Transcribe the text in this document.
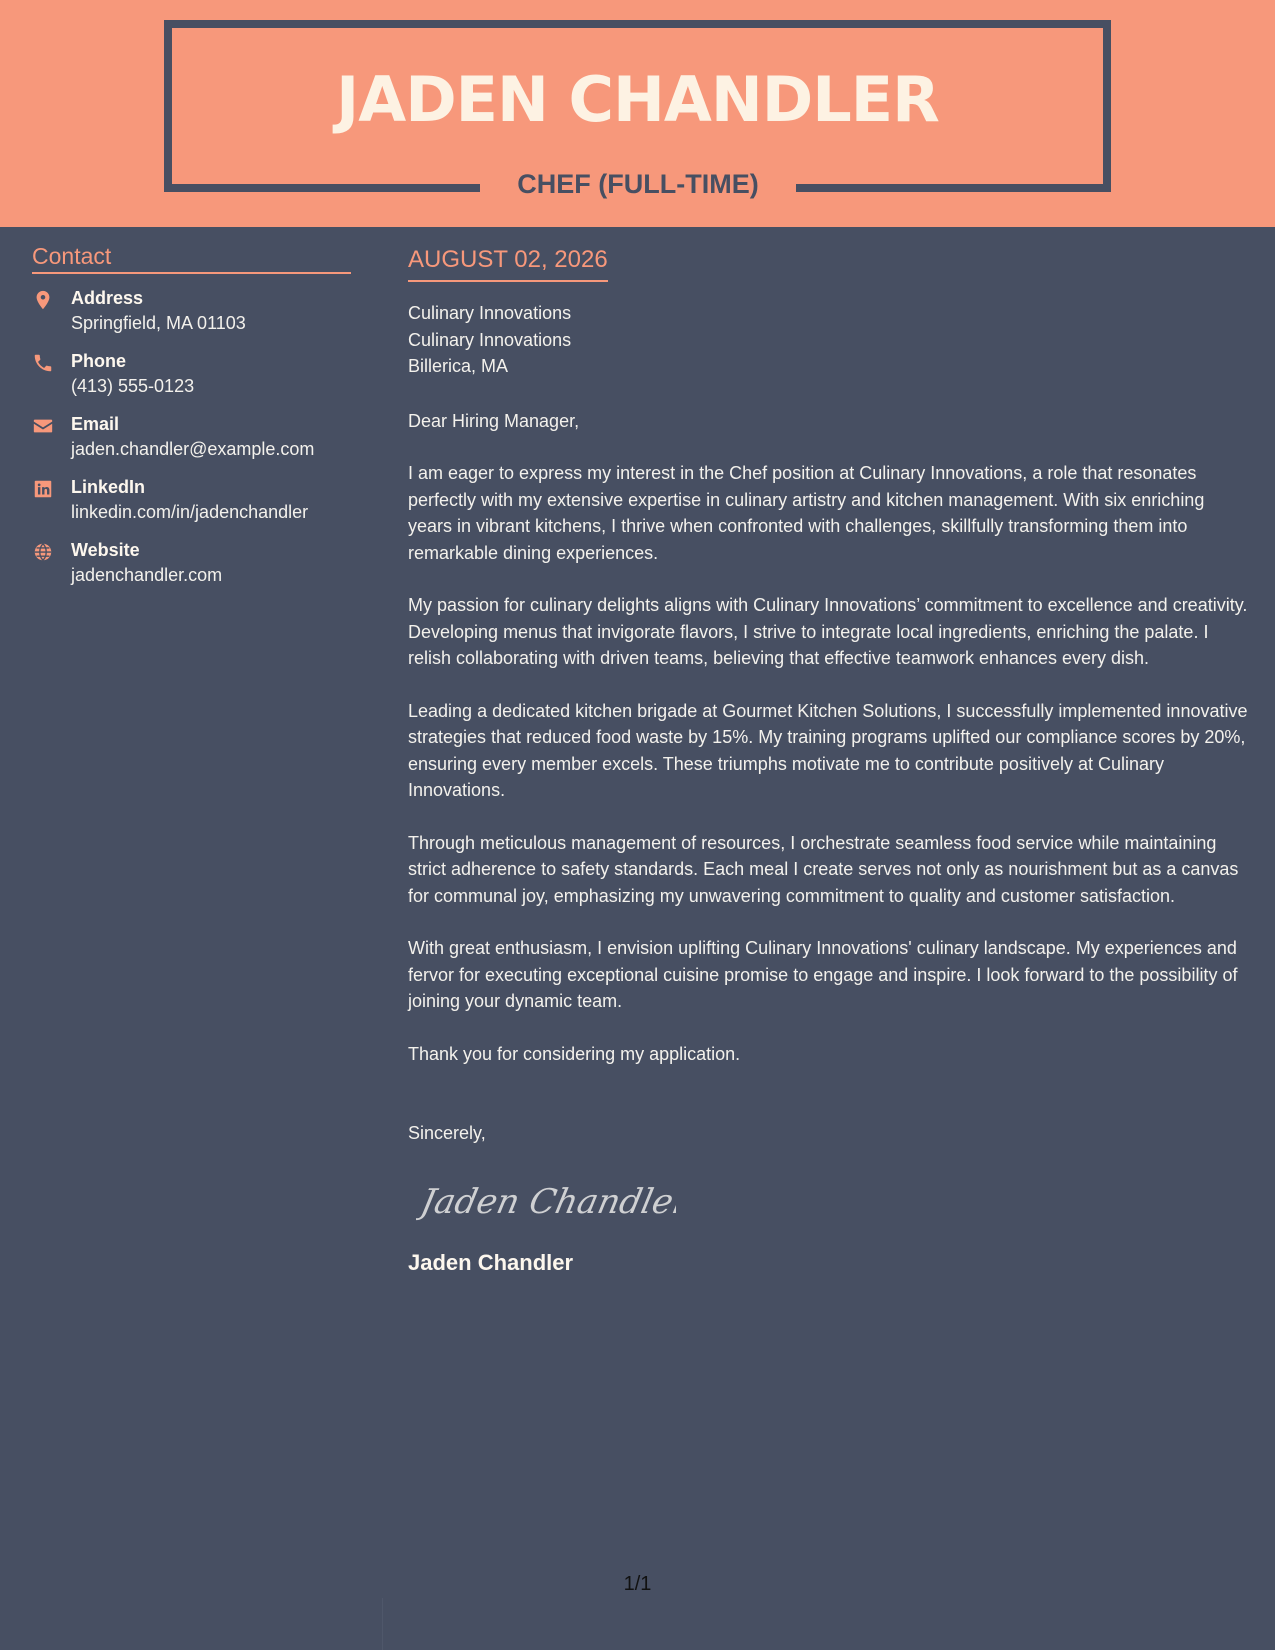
JADEN CHANDLER
CHEF (FULL-TIME)
Contact
Address
Springfield, MA 01103
Phone
(413) 555-0123
Email
jaden.chandler@example.com
LinkedIn
linkedin.com/in/jadenchandler
Website
jadenchandler.com
AUGUST 02, 2026
Culinary Innovations
Culinary Innovations
Billerica, MA
Dear Hiring Manager,

I am eager to express my interest in the Chef position at Culinary Innovations, a role that resonates perfectly with my extensive expertise in culinary artistry and kitchen management. With six enriching years in vibrant kitchens, I thrive when confronted with challenges, skillfully transforming them into remarkable dining experiences.

My passion for culinary delights aligns with Culinary Innovations’ commitment to excellence and creativity. Developing menus that invigorate flavors, I strive to integrate local ingredients, enriching the palate. I relish collaborating with driven teams, believing that effective teamwork enhances every dish.

Leading a dedicated kitchen brigade at Gourmet Kitchen Solutions, I successfully implemented innovative strategies that reduced food waste by 15%. My training programs uplifted our compliance scores by 20%, ensuring every member excels. These triumphs motivate me to contribute positively at Culinary Innovations.

Through meticulous management of resources, I orchestrate seamless food service while maintaining strict adherence to safety standards. Each meal I create serves not only as nourishment but as a canvas for communal joy, emphasizing my unwavering commitment to quality and customer satisfaction.

With great enthusiasm, I envision uplifting Culinary Innovations' culinary landscape. My experiences and fervor for executing exceptional cuisine promise to engage and inspire. I look forward to the possibility of joining your dynamic team.

Thank you for considering my application.

Sincerely,
Jaden Chandler
Jaden Chandler
1/1
